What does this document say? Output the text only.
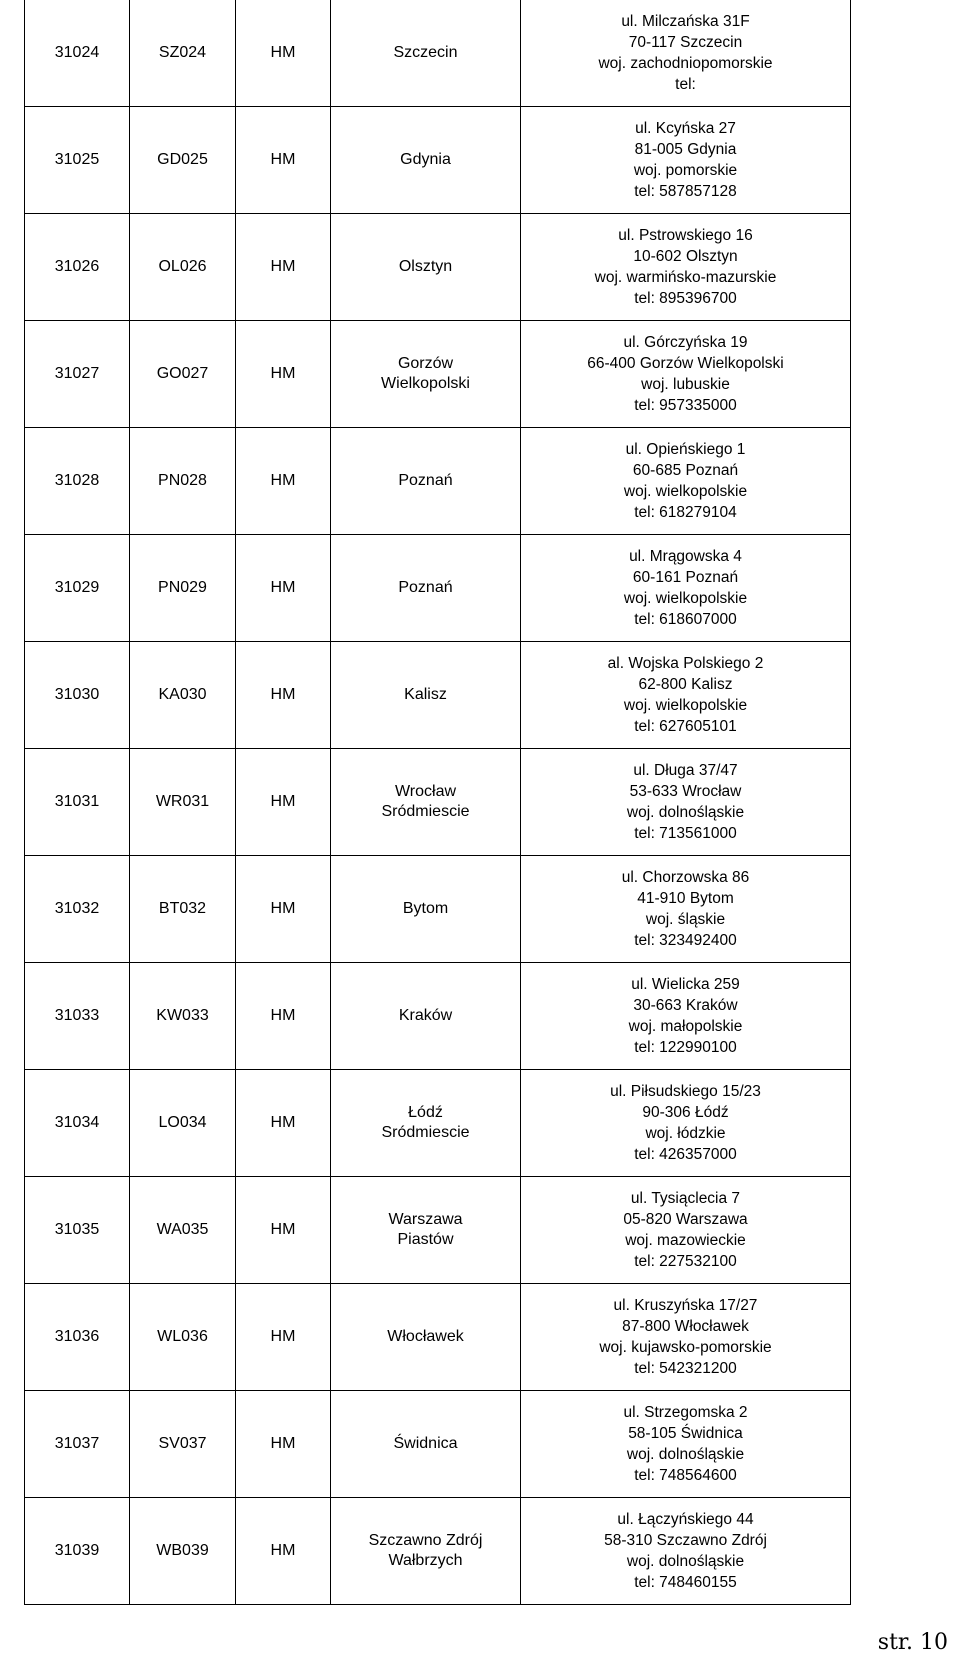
31024	SZ024	HM	Szczecin	ul. Milczańska 31F
70-117 Szczecin
woj. zachodniopomorskie
tel:

31025	GD025	HM	Gdynia	ul. Kcyńska 27
81-005 Gdynia
woj. pomorskie
tel: 587857128

31026	OL026	HM	Olsztyn	ul. Pstrowskiego 16
10-602 Olsztyn
woj. warmińsko-mazurskie
tel: 895396700

31027	GO027	HM	Gorzów
Wielkopolski	ul. Górczyńska 19
66-400 Gorzów Wielkopolski
woj. lubuskie
tel: 957335000

31028	PN028	HM	Poznań	ul. Opieńskiego 1
60-685 Poznań
woj. wielkopolskie
tel: 618279104

31029	PN029	HM	Poznań	ul. Mrągowska 4
60-161 Poznań
woj. wielkopolskie
tel: 618607000

31030	KA030	HM	Kalisz	al. Wojska Polskiego 2
62-800 Kalisz
woj. wielkopolskie
tel: 627605101

31031	WR031	HM	Wrocław
Sródmiescie	ul. Długa 37/47
53-633 Wrocław
woj. dolnośląskie
tel: 713561000

31032	BT032	HM	Bytom	ul. Chorzowska 86
41-910 Bytom
woj. śląskie
tel: 323492400

31033	KW033	HM	Kraków	ul. Wielicka 259
30-663 Kraków
woj. małopolskie
tel: 122990100

31034	LO034	HM	Łódź
Sródmiescie	ul. Piłsudskiego 15/23
90-306 Łódź
woj. łódzkie
tel: 426357000

31035	WA035	HM	Warszawa
Piastów	ul. Tysiąclecia 7
05-820 Warszawa
woj. mazowieckie
tel: 227532100

31036	WL036	HM	Włocławek	ul. Kruszyńska 17/27
87-800 Włocławek
woj. kujawsko-pomorskie
tel: 542321200

31037	SV037	HM	Świdnica	ul. Strzegomska 2
58-105 Świdnica
woj. dolnośląskie
tel: 748564600

31039	WB039	HM	Szczawno Zdrój
Wałbrzych	ul. Łączyńskiego 44
58-310 Szczawno Zdrój
woj. dolnośląskie
tel: 748460155
str. 10
